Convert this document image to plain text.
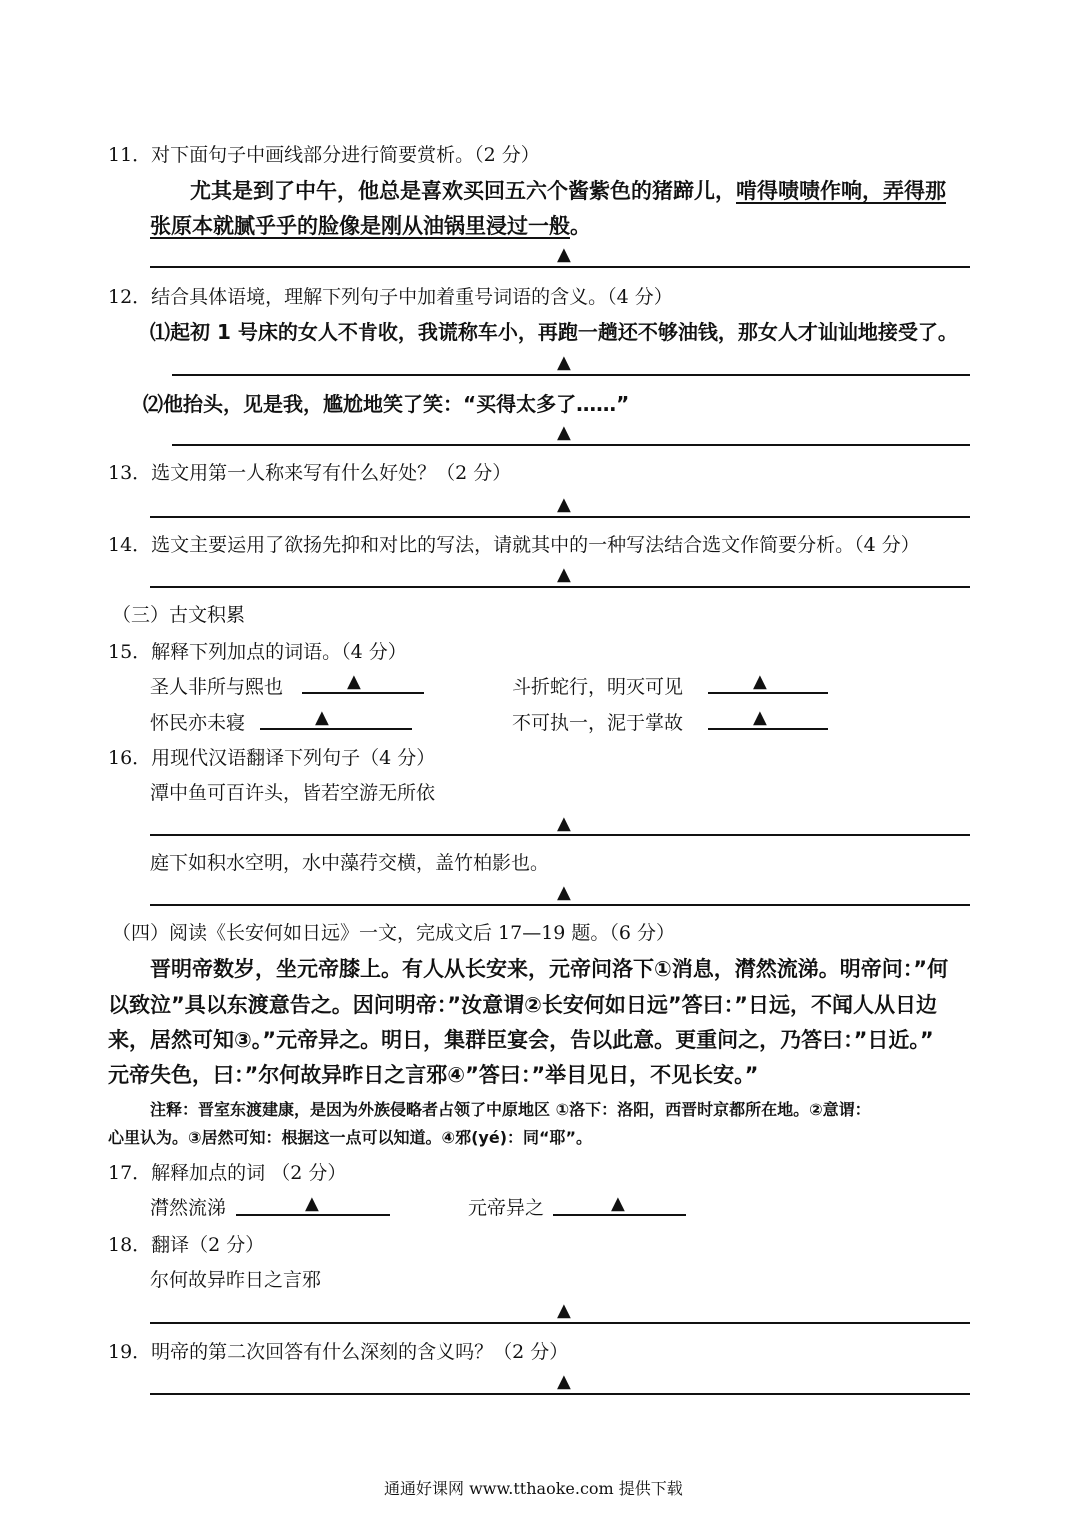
11．对下面句子中画线部分进行简要赏析。（2 分）
尤其是到了中午，他总是喜欢买回五六个酱紫色的猪蹄儿，啃得啧啧作响，弄得那
张原本就腻乎乎的脸像是刚从油锅里浸过一般。
▲
12．结合具体语境，理解下列句子中加着重号词语的含义。（4 分）
⑴起初 1 号床的女人不肯收，我谎称车小，再跑一趟还不够油钱，那女人才讪讪地接受了。
▲
⑵他抬头，见是我，尴尬地笑了笑：“买得太多了……”
▲
13．选文用第一人称来写有什么好处？（2 分）
▲
14．选文主要运用了欲扬先抑和对比的写法，请就其中的一种写法结合选文作简要分析。（4 分）
▲
（三）古文积累
15．解释下列加点的词语。（4 分）
圣人非所与熙也	▲	斗折蛇行，明灭可见	▲
怀民亦未寝	▲	不可执一，泥于掌故	▲
16．用现代汉语翻译下列句子（4 分）
潭中鱼可百许头，皆若空游无所依
▲
庭下如积水空明，水中藻荇交横，盖竹柏影也。
▲
（四）阅读《长安何如日远》一文，完成文后 17—19 题。（6 分）
晋明帝数岁，坐元帝膝上。有人从长安来，元帝问洛下①消息，潸然流涕。明帝问：”何
以致泣”具以东渡意告之。因问明帝：”汝意谓②长安何如日远”答曰：”日远，不闻人从日边
来，居然可知③。”元帝异之。明日，集群臣宴会，告以此意。更重问之，乃答曰：”日近。”
元帝失色，曰：”尔何故异昨日之言邪④”答曰：”举目见日，不见长安。”
注释：晋室东渡建康，是因为外族侵略者占领了中原地区 ①洛下：洛阳，西晋时京都所在地。②意谓：
心里认为。③居然可知：根据这一点可以知道。④邪(yé)：同“耶”。
17．解释加点的词 （2 分）
潸然流涕	▲	元帝异之	▲
18．翻译（2 分）
尔何故异昨日之言邪
▲
19．明帝的第二次回答有什么深刻的含义吗？（2 分）
▲
通通好课网 www.tthaoke.com 提供下载
